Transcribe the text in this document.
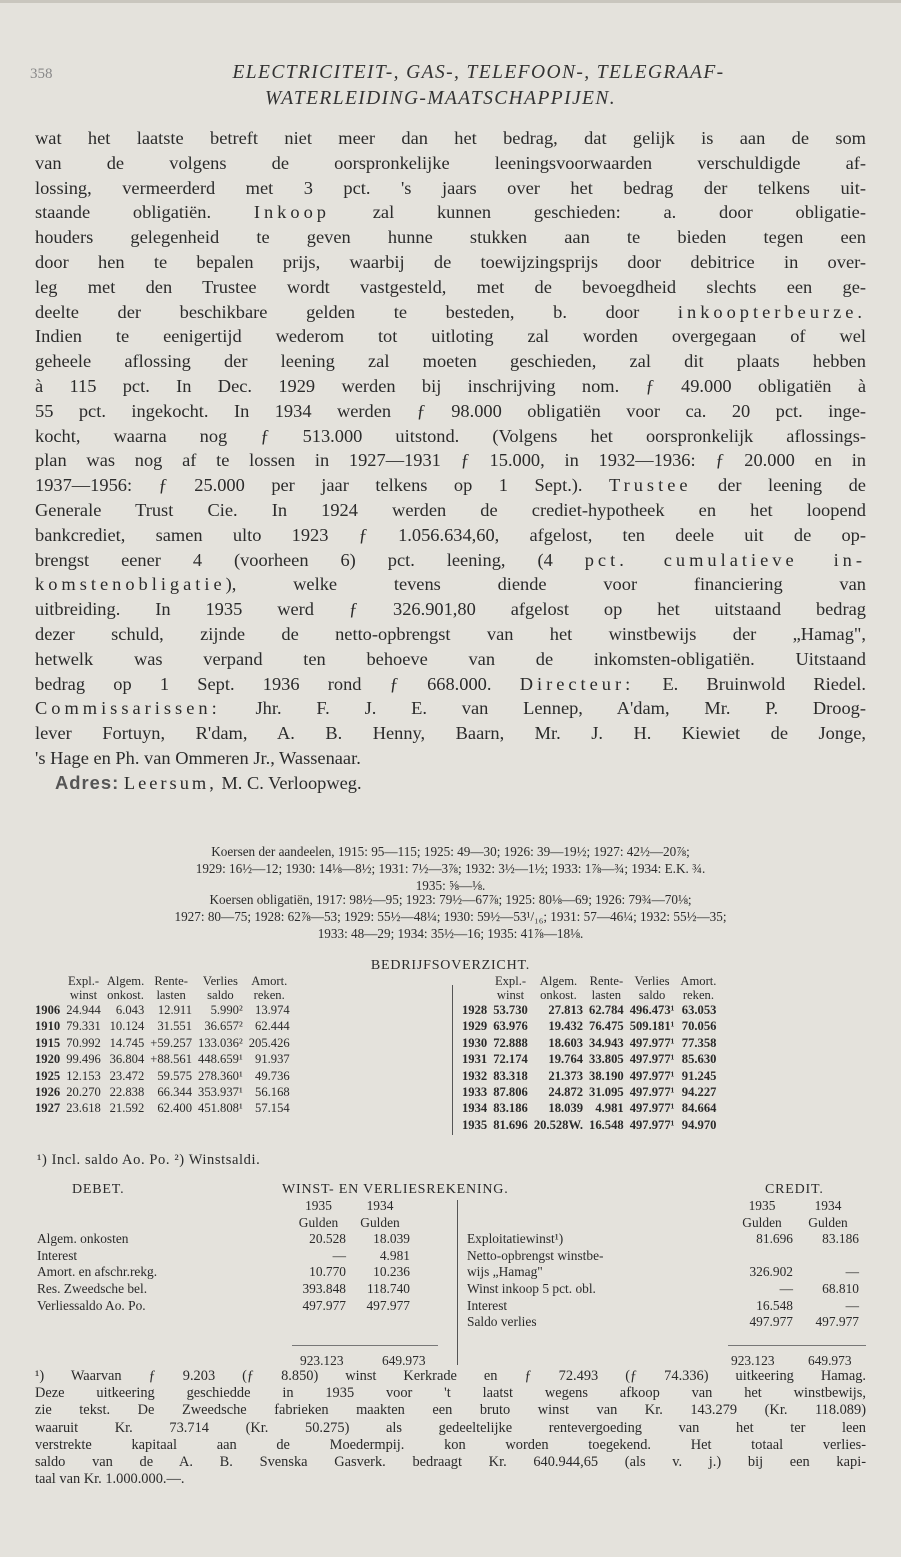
358	ELECTRICITEIT-, GAS-, TELEFOON-, TELEGRAAF-
WATERLEIDING-MAATSCHAPPIJEN.

wat het laatste betreft niet meer dan het bedrag, dat gelijk is aan de som

van de volgens de oorspronkelijke leeningsvoorwaarden verschuldigde af-

lossing, vermeerderd met 3 pct. 's jaars over het bedrag der telkens uit-

staande obligatiën. Inkoop zal kunnen geschieden: a. door obligatie-

houders gelegenheid te geven hunne stukken aan te bieden tegen een

door hen te bepalen prijs, waarbij de toewijzingsprijs door debitrice in over-

leg met den Trustee wordt vastgesteld, met de bevoegdheid slechts een ge-

deelte der beschikbare gelden te besteden, b. door inkoopterbeurze.

Indien te eenigertijd wederom tot uitloting zal worden overgegaan of wel

geheele aflossing der leening zal moeten geschieden, zal dit plaats hebben

à 115 pct. In Dec. 1929 werden bij inschrijving nom. ƒ 49.000 obligatiën à

55 pct. ingekocht. In 1934 werden ƒ 98.000 obligatiën voor ca. 20 pct. inge-

kocht, waarna nog ƒ 513.000 uitstond. (Volgens het oorspronkelijk aflossings-

plan was nog af te lossen in 1927—1931 ƒ 15.000, in 1932—1936: ƒ 20.000 en in

1937—1956: ƒ 25.000 per jaar telkens op 1 Sept.). Trustee der leening de

Generale Trust Cie. In 1924 werden de crediet-hypotheek en het loopend

bankcrediet, samen ulto 1923 ƒ 1.056.634,60, afgelost, ten deele uit de op-

brengst eener 4 (voorheen 6) pct. leening, (4 pct. cumulatieve in-

komstenobligatie), welke tevens diende voor financiering van

uitbreiding. In 1935 werd ƒ 326.901,80 afgelost op het uitstaand bedrag

dezer schuld, zijnde de netto-opbrengst van het winstbewijs der „Hamag",

hetwelk was verpand ten behoeve van de inkomsten-obligatiën. Uitstaand

bedrag op 1 Sept. 1936 rond ƒ 668.000. Directeur: E. Bruinwold Riedel.

Commissarissen: Jhr. F. J. E. van Lennep, A'dam, Mr. P. Droog-

lever Fortuyn, R'dam, A. B. Henny, Baarn, Mr. J. H. Kiewiet de Jonge,

's Hage en Ph. van Ommeren Jr., Wassenaar.

Adres: Leersum, M. C. Verloopweg.

Koersen der aandeelen, 1915: 95—115; 1925: 49—30; 1926: 39—19½; 1927: 42½—20⅞;
1929: 16½—12; 1930: 14⅛—8½; 1931: 7½—3⅞; 1932: 3½—1½; 1933: 1⅞—¾; 1934: E.K. ¾.
1935: ⅝—⅛.
Koersen obligatiën, 1917: 98½—95; 1923: 79½—67⅞; 1925: 80⅛—69; 1926: 79¾—70⅛;
1927: 80—75; 1928: 62⅞—53; 1929: 55½—48¼; 1930: 59½—53¹/₁₆; 1931: 57—46¼; 1932: 55½—35;
1933: 48—29; 1934: 35½—16; 1935: 41⅞—18⅛.
BEDRIJFSOVERZICHT.
	Expl.-
winst	Algem.
onkost.	Rente-
lasten	Verlies
saldo	Amort.
reken.
1906	24.944	6.043	12.911	5.990²	13.974
1910	79.331	10.124	31.551	36.657²	62.444
1915	70.992	14.745	+59.257	133.036²	205.426
1920	99.496	36.804	+88.561	448.659¹	91.937
1925	12.153	23.472	59.575	278.360¹	49.736
1926	20.270	22.838	66.344	353.937¹	56.168
1927	23.618	21.592	62.400	451.808¹	57.154
	Expl.-
winst	Algem.
onkost.	Rente-
lasten	Verlies
saldo	Amort.
reken.
1928	53.730	27.813	62.784	496.473¹	63.053
1929	63.976	19.432	76.475	509.181¹	70.056
1930	72.888	18.603	34.943	497.977¹	77.358
1931	72.174	19.764	33.805	497.977¹	85.630
1932	83.318	21.373	38.190	497.977¹	91.245
1933	87.806	24.872	31.095	497.977¹	94.227
1934	83.186	18.039	4.981	497.977¹	84.664
1935	81.696	20.528W.	16.548	497.977¹	94.970
¹) Incl. saldo Ao. Po. ²) Winstsaldi.
DEBET.	WINST- EN VERLIESREKENING.	CREDIT.
	1935	1934
	Gulden	Gulden
Algem. onkosten	20.528	18.039
Interest	—	4.981
Amort. en afschr.rekg.	10.770	10.236
Res. Zweedsche bel.	393.848	118.740
Verliessaldo Ao. Po.	497.977	497.977
	1935	1934
	Gulden	Gulden
Exploitatiewinst¹)	81.696	83.186
Netto-opbrengst winstbe-		
wijs „Hamag"	326.902	—
Winst inkoop 5 pct. obl.	—	68.810
Interest	16.548	—
Saldo verlies	497.977	497.977
923.123	649.973	923.123 649.973

¹) Waarvan ƒ 9.203 (ƒ 8.850) winst Kerkrade en ƒ 72.493 (ƒ 74.336) uitkeering Hamag.

Deze uitkeering geschiedde in 1935 voor 't laatst wegens afkoop van het winstbewijs,

zie tekst. De Zweedsche fabrieken maakten een bruto winst van Kr. 143.279 (Kr. 118.089)

waaruit Kr. 73.714 (Kr. 50.275) als gedeeltelijke rentevergoeding van het ter leen

verstrekte kapitaal aan de Moedermpij. kon worden toegekend. Het totaal verlies-

saldo van de A. B. Svenska Gasverk. bedraagt Kr. 640.944,65 (als v. j.) bij een kapi-

taal van Kr. 1.000.000.—.
